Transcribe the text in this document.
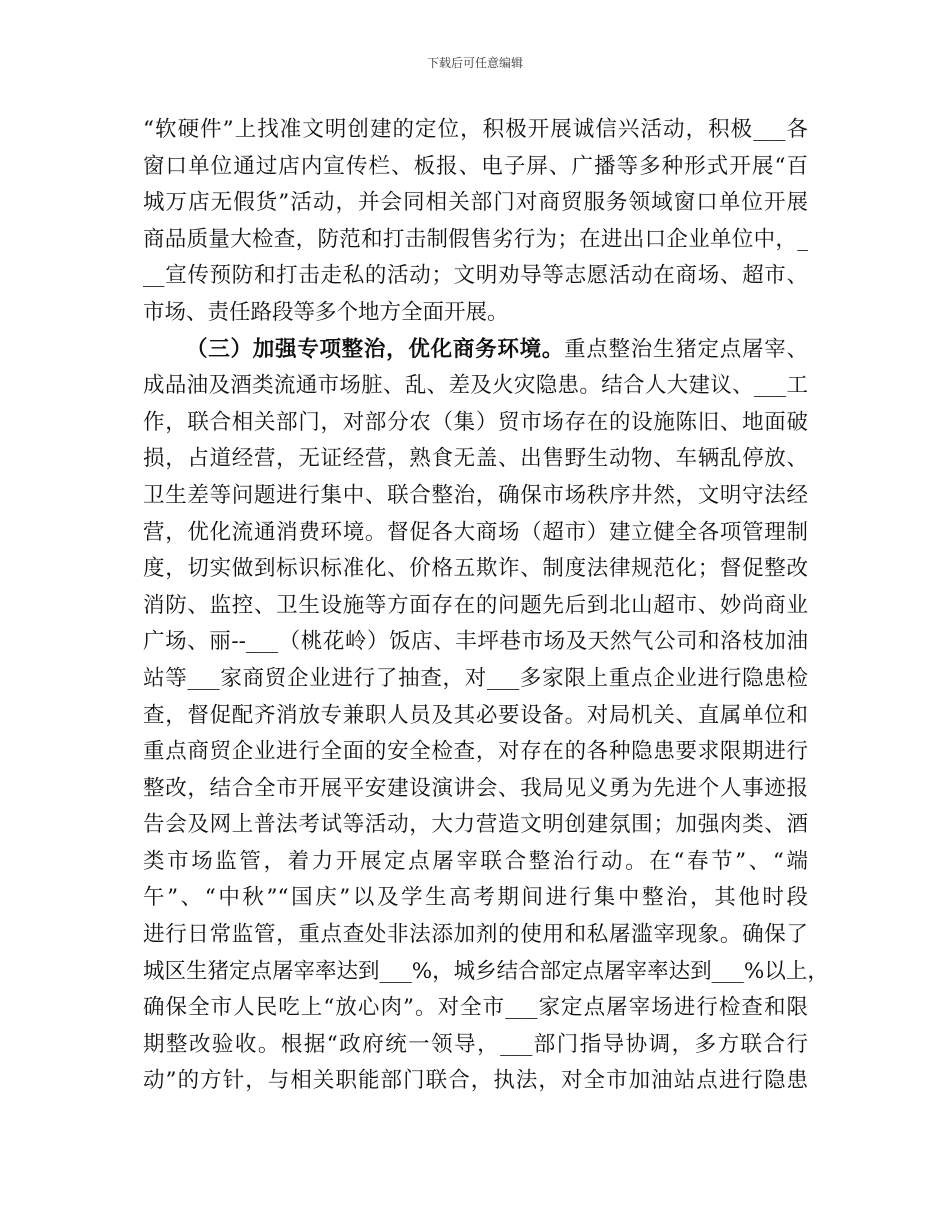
下载后可任意编辑
“软硬件”上找准文明创建的定位，积极开展诚信兴活动，积极___各
窗口单位通过店内宣传栏、板报、电子屏、广播等多种形式开展“百
城万店无假货”活动，并会同相关部门对商贸服务领域窗口单位开展
商品质量大检查，防范和打击制假售劣行为；在进出口企业单位中，_
__宣传预防和打击走私的活动；文明劝导等志愿活动在商场、超市、
市场、责任路段等多个地方全面开展。
（三）加强专项整治，优化商务环境。重点整治生猪定点屠宰、
成品油及酒类流通市场脏、乱、差及火灾隐患。结合人大建议、___工
作，联合相关部门，对部分农（集）贸市场存在的设施陈旧、地面破
损，占道经营，无证经营，熟食无盖、出售野生动物、车辆乱停放、
卫生差等问题进行集中、联合整治，确保市场秩序井然，文明守法经
营，优化流通消费环境。督促各大商场（超市）建立健全各项管理制
度，切实做到标识标准化、价格五欺诈、制度法律规范化；督促整改
消防、监控、卫生设施等方面存在的问题先后到北山超市、妙尚商业
广场、丽--___（桃花岭）饭店、丰坪巷市场及天然气公司和洛枝加油
站等___家商贸企业进行了抽查，对___多家限上重点企业进行隐患检
查，督促配齐消放专兼职人员及其必要设备。对局机关、直属单位和
重点商贸企业进行全面的安全检查，对存在的各种隐患要求限期进行
整改，结合全市开展平安建设演讲会、我局见义勇为先进个人事迹报
告会及网上普法考试等活动，大力营造文明创建氛围；加强肉类、酒
类市场监管，着力开展定点屠宰联合整治行动。在“春节”、“端
午”、“中秋”“国庆”以及学生高考期间进行集中整治，其他时段
进行日常监管，重点查处非法添加剂的使用和私屠滥宰现象。确保了
城区生猪定点屠宰率达到___%，城乡结合部定点屠宰率达到___%以上，
确保全市人民吃上“放心肉”。对全市___家定点屠宰场进行检查和限
期整改验收。根据“政府统一领导，___部门指导协调，多方联合行
动”的方针，与相关职能部门联合，执法，对全市加油站点进行隐患
